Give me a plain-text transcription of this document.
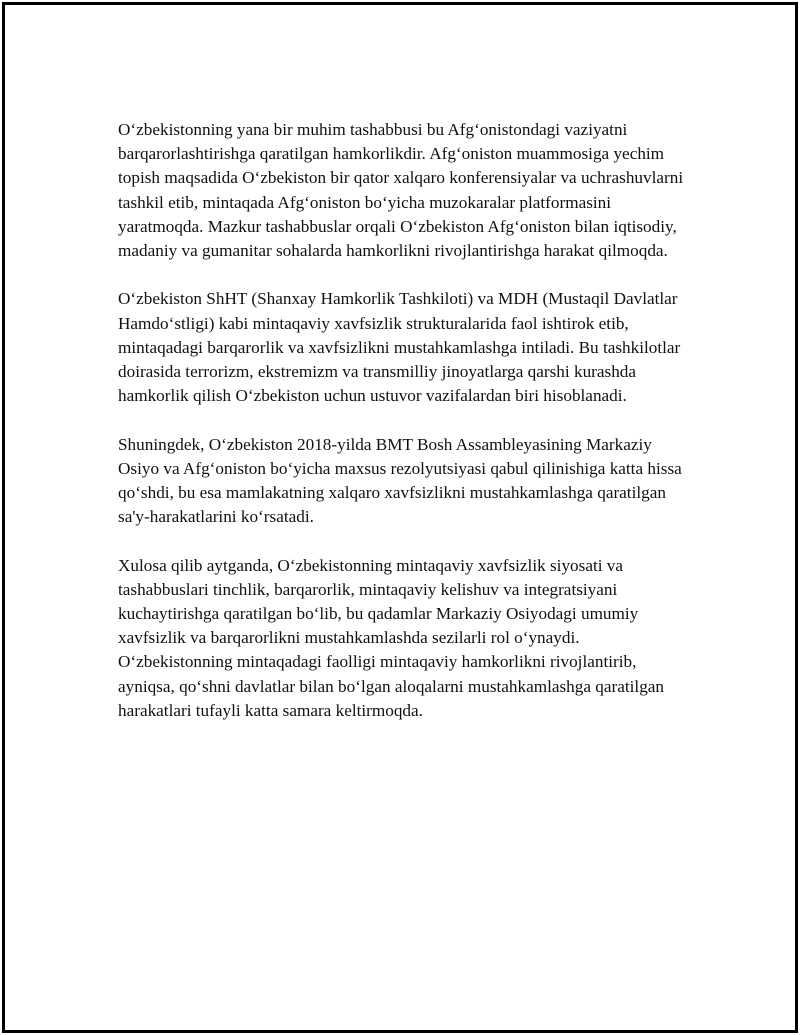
O‘zbekistonning yana bir muhim tashabbusi bu Afg‘onistondagi vaziyatni barqarorlashtirishga qaratilgan hamkorlikdir. Afg‘oniston muammosiga yechim topish maqsadida O‘zbekiston bir qator xalqaro konferensiyalar va uchrashuvlarni tashkil etib, mintaqada Afg‘oniston bo‘yicha muzokaralar platformasini yaratmoqda. Mazkur tashabbuslar orqali O‘zbekiston Afg‘oniston bilan iqtisodiy, madaniy va gumanitar sohalarda hamkorlikni rivojlantirishga harakat qilmoqda.

O‘zbekiston ShHT (Shanxay Hamkorlik Tashkiloti) va MDH (Mustaqil Davlatlar Hamdo‘stligi) kabi mintaqaviy xavfsizlik strukturalarida faol ishtirok etib, mintaqadagi barqarorlik va xavfsizlikni mustahkamlashga intiladi. Bu tashkilotlar doirasida terrorizm, ekstremizm va transmilliy jinoyatlarga qarshi kurashda hamkorlik qilish O‘zbekiston uchun ustuvor vazifalardan biri hisoblanadi.

Shuningdek, O‘zbekiston 2018-yilda BMT Bosh Assambleyasining Markaziy Osiyo va Afg‘oniston bo‘yicha maxsus rezolyutsiyasi qabul qilinishiga katta hissa qo‘shdi, bu esa mamlakatning xalqaro xavfsizlikni mustahkamlashga qaratilgan sa'y-harakatlarini ko‘rsatadi.

Xulosa qilib aytganda, O‘zbekistonning mintaqaviy xavfsizlik siyosati va tashabbuslari tinchlik, barqarorlik, mintaqaviy kelishuv va integratsiyani kuchaytirishga qaratilgan bo‘lib, bu qadamlar Markaziy Osiyodagi umumiy xavfsizlik va barqarorlikni mustahkamlashda sezilarli rol o‘ynaydi. O‘zbekistonning mintaqadagi faolligi mintaqaviy hamkorlikni rivojlantirib, ayniqsa, qo‘shni davlatlar bilan bo‘lgan aloqalarni mustahkamlashga qaratilgan harakatlari tufayli katta samara keltirmoqda.
